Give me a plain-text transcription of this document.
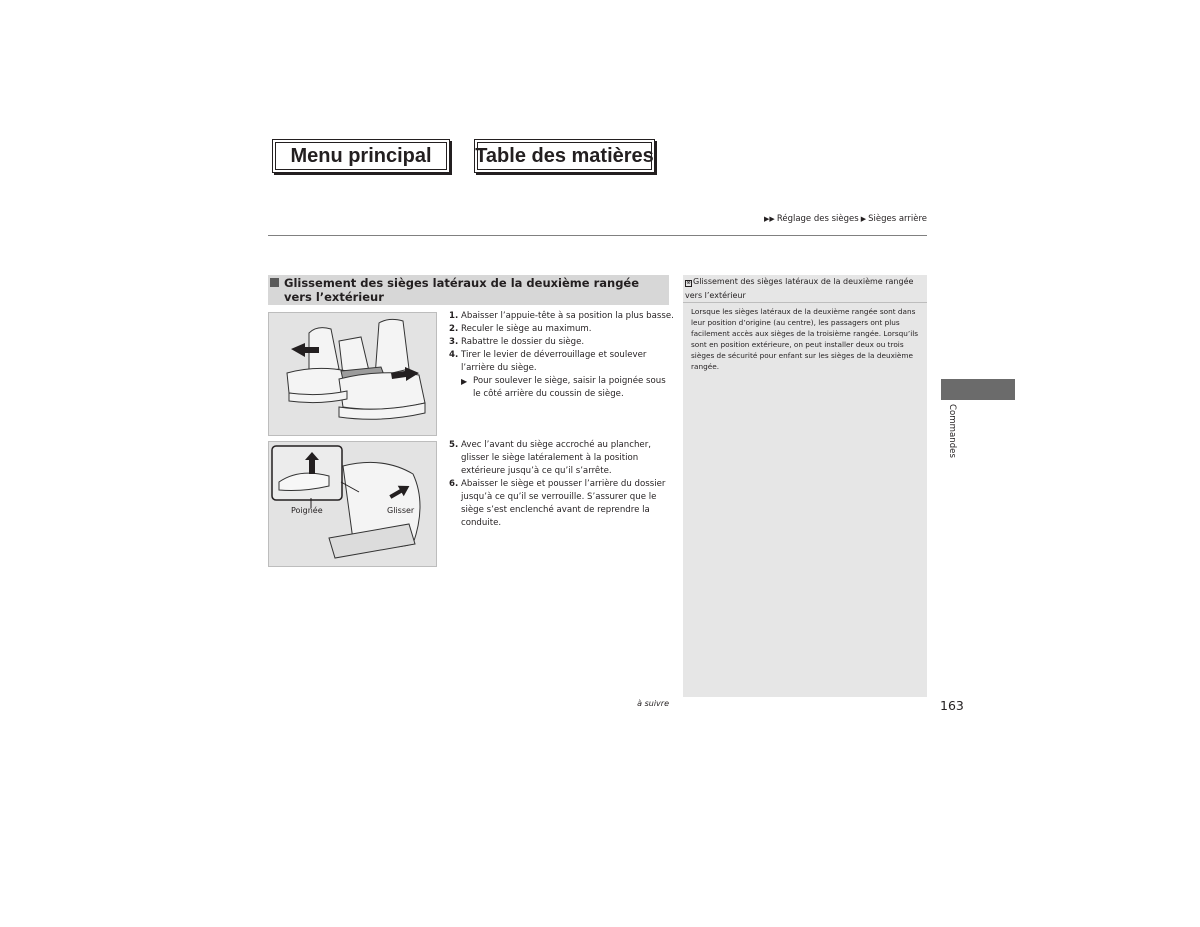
Menu principal Table des matières
▶▶ Réglage des sièges ▶ Sièges arrière
Glissement des sièges latéraux de la deuxième rangée vers l’extérieur
Poignée	Glisser
1. Abaisser l’appuie-tête à sa position la plus basse.
2. Reculer le siège au maximum.
3. Rabattre le dossier du siège.
4. Tirer le levier de déverrouillage et soulever l’arrière du siège.
▶ Pour soulever le siège, saisir la poignée sous le côté arrière du coussin de siège.
5. Avec l’avant du siège accroché au plancher, glisser le siège latéralement à la position extérieure jusqu’à ce qu’il s’arrête.
6. Abaisser le siège et pousser l’arrière du dossier jusqu’à ce qu’il se verrouille. S’assurer que le siège s’est enclenché avant de reprendre la conduite.
⊗ Glissement des sièges latéraux de la deuxième rangée vers l’extérieur
Lorsque les sièges latéraux de la deuxième rangée sont dans leur position d’origine (au centre), les passagers ont plus facilement accès aux sièges de la troisième rangée. Lorsqu’ils sont en position extérieure, on peut installer deux ou trois sièges de sécurité pour enfant sur les sièges de la deuxième rangée.
Commandes
à suivre	163
